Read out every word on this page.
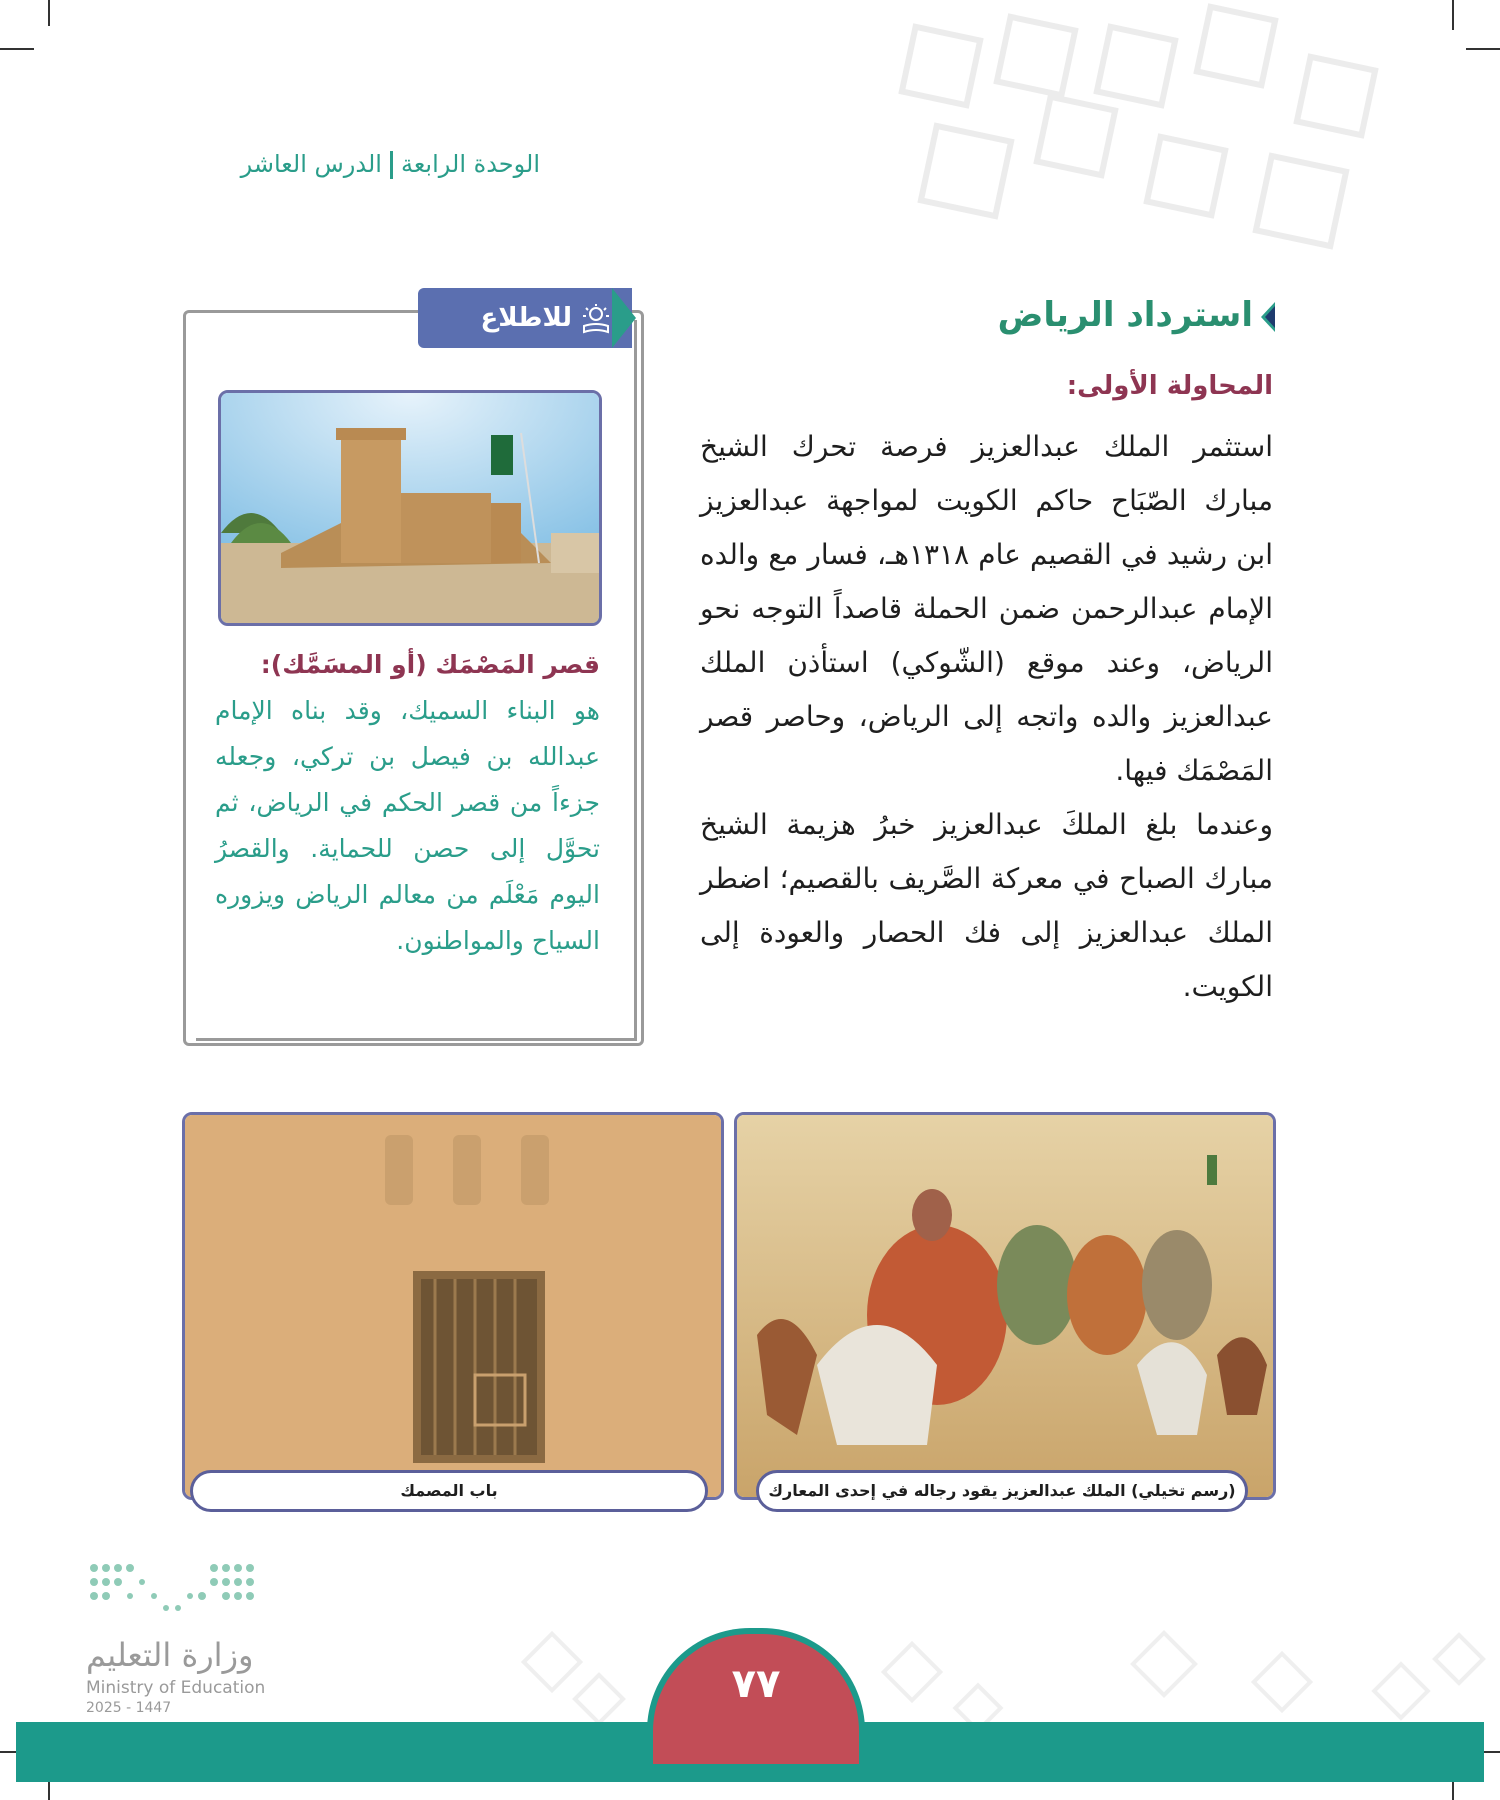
الوحدة الرابعةالدرس العاشر
استرداد الرياض
المحاولة الأولى:

استثمر الملك عبدالعزيز فرصة تحرك الشيخ مبارك الصّبَاح حاكم الكويت لمواجهة عبدالعزيز ابن رشيد في القصيم عام ١٣١٨هـ، فسار مع والده الإمام عبدالرحمن ضمن الحملة قاصداً التوجه نحو الرياض، وعند موقع (الشّوكي) استأذن الملك عبدالعزيز والده واتجه إلى الرياض، وحاصر قصر المَصْمَك فيها.

وعندما بلغ الملكَ عبدالعزيز خبرُ هزيمة الشيخ مبارك الصباح في معركة الصَّريف بالقصيم؛ اضطر الملك عبدالعزيز إلى فك الحصار والعودة إلى الكويت.

للاطلاع
قصر المَصْمَك (أو المسَمَّك):
هو البناء السميك، وقد بناه الإمام عبدالله بن فيصل بن تركي، وجعله جزءاً من قصر الحكم في الرياض، ثم تحوَّل إلى حصن للحماية. والقصرُ اليوم مَعْلَم من معالم الرياض ويزوره السياح والمواطنون.
(رسم تخيلي) الملك عبدالعزيز يقود رجاله في إحدى المعارك
باب المصمك
وزارة التعليم
Ministry of Education
2025 - 1447
٧٧
